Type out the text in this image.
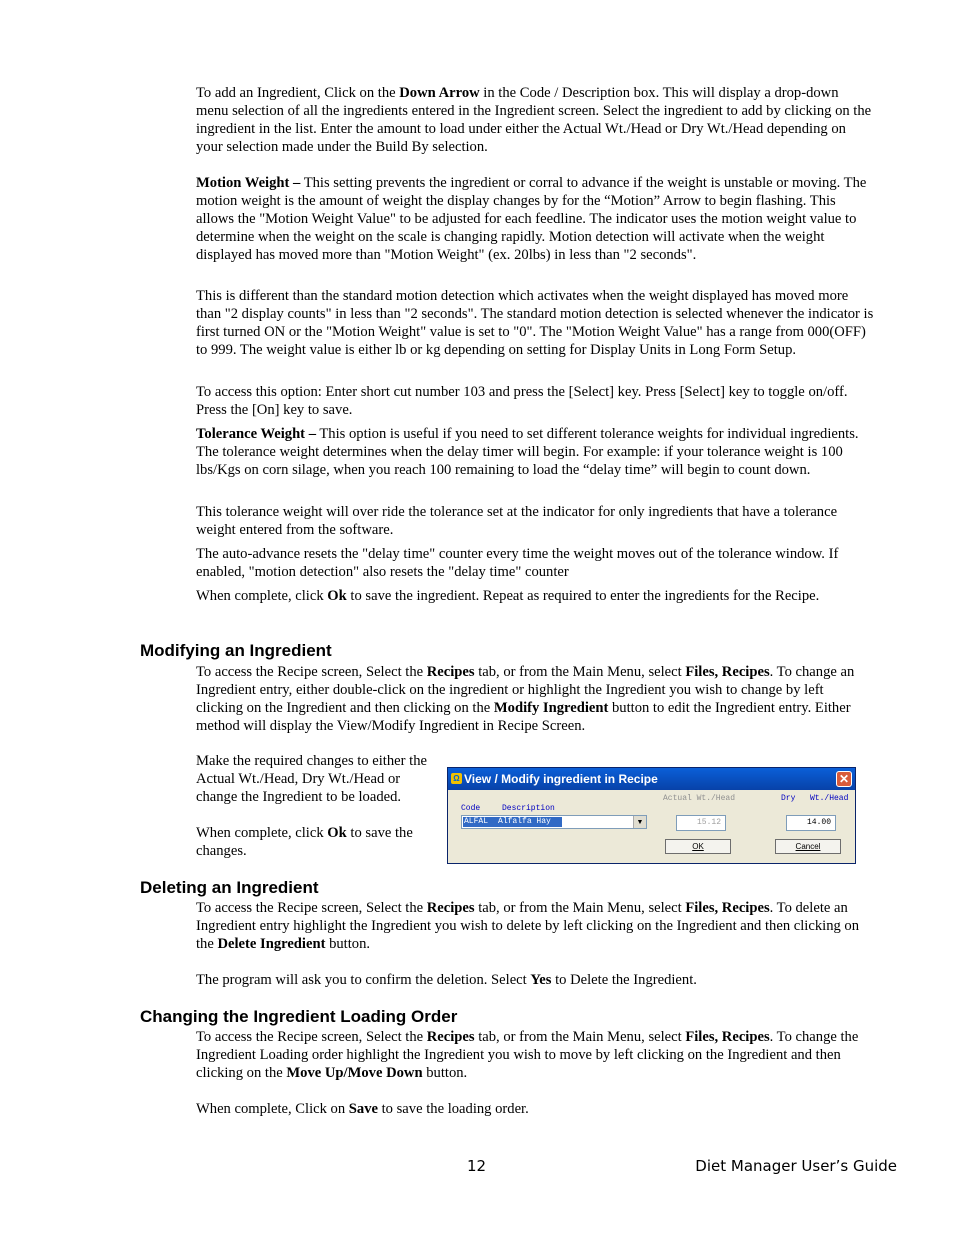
To add an Ingredient, Click on the Down Arrow in the Code / Description box. This will display a drop-down menu selection of all the ingredients entered in the Ingredient screen. Select the ingredient to add by clicking on the ingredient in the list. Enter the amount to load under either the Actual Wt./Head or Dry Wt./Head depending on your selection made under the Build By selection.

Motion Weight – This setting prevents the ingredient or corral to advance if the weight is unstable or moving. The motion weight is the amount of weight the display changes by for the “Motion” Arrow to begin flashing. This allows the "Motion Weight Value" to be adjusted for each feedline. The indicator uses the motion weight value to determine when the weight on the scale is changing rapidly. Motion detection will activate when the weight displayed has moved more than "Motion Weight" (ex. 20lbs) in less than "2 seconds".

This is different than the standard motion detection which activates when the weight displayed has moved more than "2 display counts" in less than "2 seconds". The standard motion detection is selected whenever the indicator is first turned ON or the "Motion Weight" value is set to "0". The "Motion Weight Value" has a range from 000(OFF) to 999. The weight value is either lb or kg depending on setting for Display Units in Long Form Setup.

To access this option: Enter short cut number 103 and press the [Select] key. Press [Select] key to toggle on/off. Press the [On] key to save.

Tolerance Weight – This option is useful if you need to set different tolerance weights for individual ingredients. The tolerance weight determines when the delay timer will begin. For example: if your tolerance weight is 100 lbs/Kgs on corn silage, when you reach 100 remaining to load the “delay time” will begin to count down.

This tolerance weight will over ride the tolerance set at the indicator for only ingredients that have a tolerance weight entered from the software.

The auto-advance resets the "delay time" counter every time the weight moves out of the tolerance window. If enabled, "motion detection" also resets the "delay time" counter

When complete, click Ok to save the ingredient. Repeat as required to enter the ingredients for the Recipe.

Modifying an Ingredient

To access the Recipe screen, Select the Recipes tab, or from the Main Menu, select Files, Recipes. To change an Ingredient entry, either double-click on the ingredient or highlight the Ingredient you wish to change by left clicking on the Ingredient and then clicking on the Modify Ingredient button to edit the Ingredient entry. Either method will display the View/Modify Ingredient in Recipe Screen.

Make the required changes to either the Actual Wt./Head, Dry Wt./Head or change the Ingredient to be loaded.

When complete, click Ok to save the changes.

Ω View / Modify ingredient in Recipe	✕
Code	Description
Actual Wt./Head	Dry Wt./Head
ALFAL Alfalfa Hay	▼	15.12	14.00
OK	Cancel
Deleting an Ingredient

To access the Recipe screen, Select the Recipes tab, or from the Main Menu, select Files, Recipes. To delete an Ingredient entry highlight the Ingredient you wish to delete by left clicking on the Ingredient and then clicking on the Delete Ingredient button.

The program will ask you to confirm the deletion. Select Yes to Delete the Ingredient.

Changing the Ingredient Loading Order

To access the Recipe screen, Select the Recipes tab, or from the Main Menu, select Files, Recipes. To change the Ingredient Loading order highlight the Ingredient you wish to move by left clicking on the Ingredient and then clicking on the Move Up/Move Down button.

When complete, Click on Save to save the loading order.

12	Diet Manager User’s Guide
